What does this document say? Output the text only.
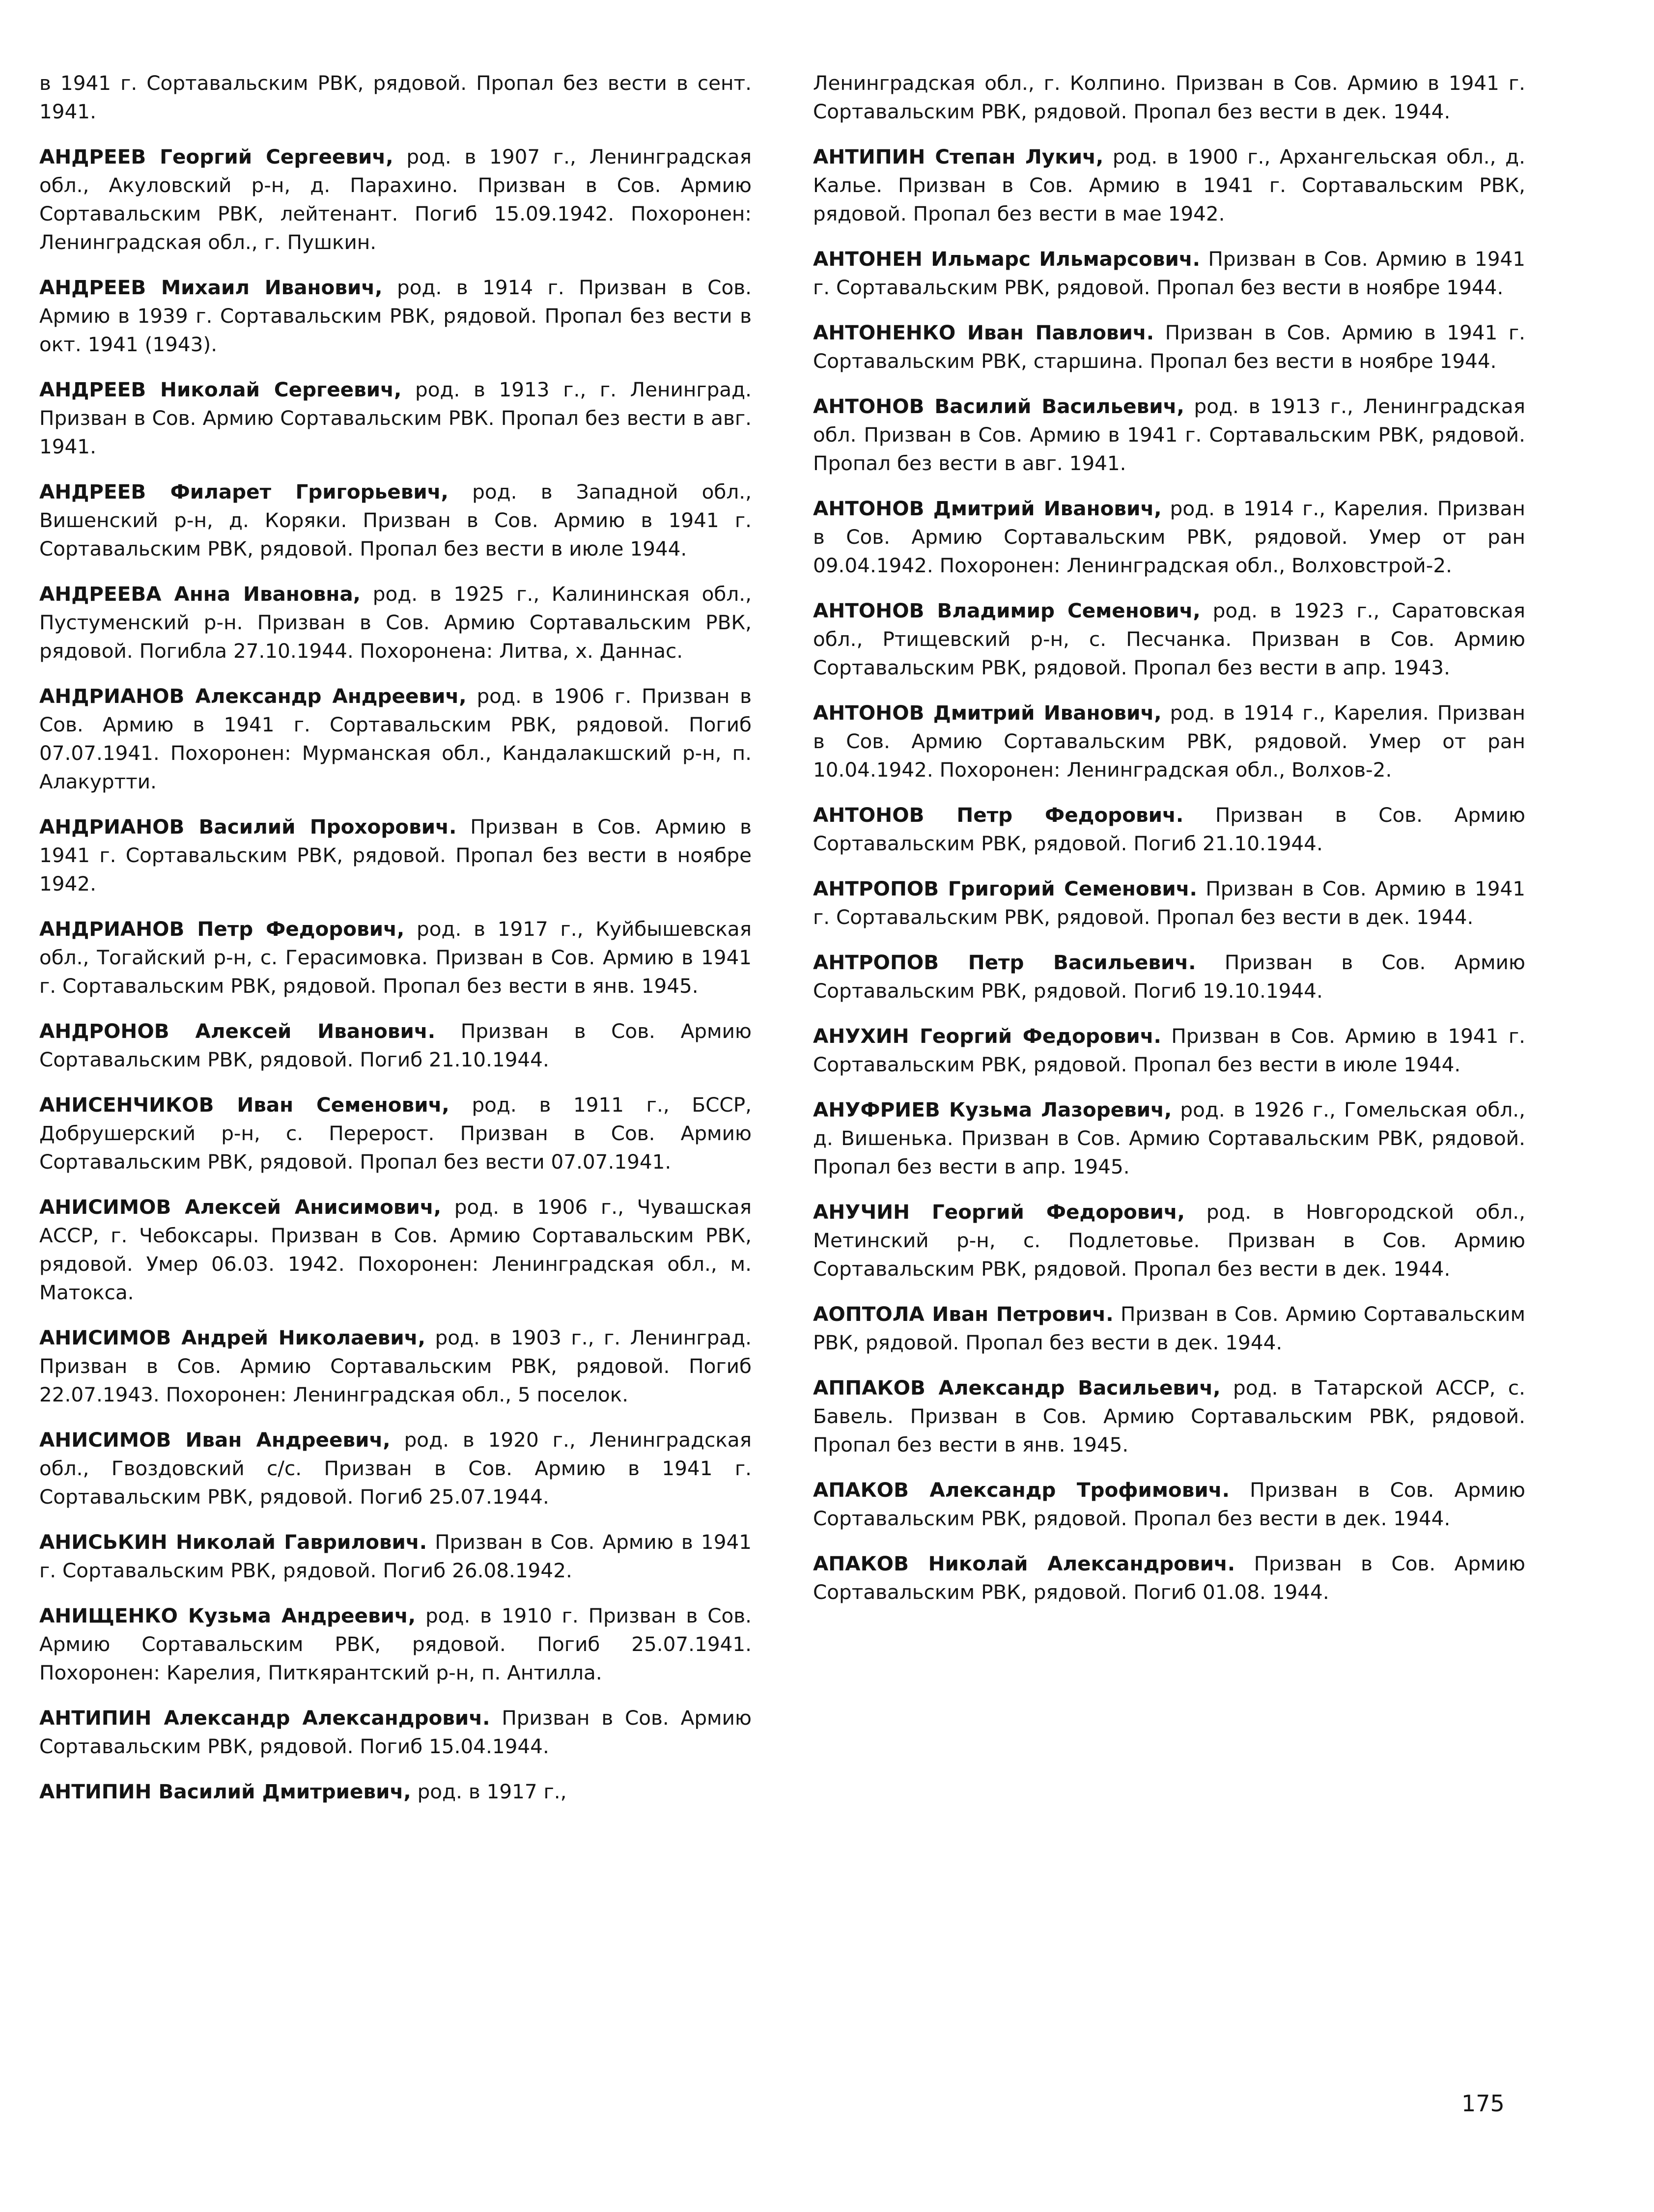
в 1941 г. Сортавальским РВК, рядовой. Пропал без вести в сент. 1941.

АНДРЕЕВ Георгий Сергеевич, род. в 1907 г., Ленинградская обл., Акуловский р-н, д. Парахино. Призван в Сов. Армию Сортавальским РВК, лейтенант. Погиб 15.09.1942. Похоронен: Ленинградская обл., г. Пушкин.

АНДРЕЕВ Михаил Иванович, род. в 1914 г. Призван в Сов. Армию в 1939 г. Сортавальским РВК, рядовой. Пропал без вести в окт. 1941 (1943).

АНДРЕЕВ Николай Сергеевич, род. в 1913 г., г. Ленинград. Призван в Сов. Армию Сортавальским РВК. Пропал без вести в авг. 1941.

АНДРЕЕВ Филарет Григорьевич, род. в Западной обл., Вишенский р-н, д. Коряки. Призван в Сов. Армию в 1941 г. Сортавальским РВК, рядовой. Пропал без вести в июле 1944.

АНДРЕЕВА Анна Ивановна, род. в 1925 г., Калининская обл., Пустуменский р-н. Призван в Сов. Армию Сортавальским РВК, рядовой. Погибла 27.10.1944. Похоронена: Литва, х. Даннас.

АНДРИАНОВ Александр Андреевич, род. в 1906 г. Призван в Сов. Армию в 1941 г. Сортавальским РВК, рядовой. Погиб 07.07.1941. Похоронен: Мурманская обл., Кандалакшский р-н, п. Алакуртти.

АНДРИАНОВ Василий Прохорович. Призван в Сов. Армию в 1941 г. Сортавальским РВК, рядовой. Пропал без вести в ноябре 1942.

АНДРИАНОВ Петр Федорович, род. в 1917 г., Куйбышевская обл., Тогайский р-н, с. Герасимовка. Призван в Сов. Армию в 1941 г. Сортавальским РВК, рядовой. Пропал без вести в янв. 1945.

АНДРОНОВ Алексей Иванович. Призван в Сов. Армию Сортавальским РВК, рядовой. Погиб 21.10.1944.

АНИСЕНЧИКОВ Иван Семенович, род. в 1911 г., БССР, Добрушерский р-н, с. Перерост. Призван в Сов. Армию Сортавальским РВК, рядовой. Пропал без вести 07.07.1941.

АНИСИМОВ Алексей Анисимович, род. в 1906 г., Чувашская АССР, г. Чебоксары. Призван в Сов. Армию Сортавальским РВК, рядовой. Умер 06.03. 1942. Похоронен: Ленинградская обл., м. Матокса.

АНИСИМОВ Андрей Николаевич, род. в 1903 г., г. Ленинград. Призван в Сов. Армию Сортавальским РВК, рядовой. Погиб 22.07.1943. Похоронен: Ленинградская обл., 5 поселок.

АНИСИМОВ Иван Андреевич, род. в 1920 г., Ленинградская обл., Гвоздовский с/с. Призван в Сов. Армию в 1941 г. Сортавальским РВК, рядовой. Погиб 25.07.1944.

АНИСЬКИН Николай Гаврилович. Призван в Сов. Армию в 1941 г. Сортавальским РВК, рядовой. Погиб 26.08.1942.

АНИЩЕНКО Кузьма Андреевич, род. в 1910 г. Призван в Сов. Армию Сортавальским РВК, рядовой. Погиб 25.07.1941. Похоронен: Карелия, Питкярантский р-н, п. Антилла.

АНТИПИН Александр Александрович. Призван в Сов. Армию Сортавальским РВК, рядовой. Погиб 15.04.1944.

АНТИПИН Василий Дмитриевич, род. в 1917 г.,

Ленинградская обл., г. Колпино. Призван в Сов. Армию в 1941 г. Сортавальским РВК, рядовой. Пропал без вести в дек. 1944.

АНТИПИН Степан Лукич, род. в 1900 г., Архангельская обл., д. Калье. Призван в Сов. Армию в 1941 г. Сортавальским РВК, рядовой. Пропал без вести в мае 1942.

АНТОНЕН Ильмарс Ильмарсович. Призван в Сов. Армию в 1941 г. Сортавальским РВК, рядовой. Пропал без вести в ноябре 1944.

АНТОНЕНКО Иван Павлович. Призван в Сов. Армию в 1941 г. Сортавальским РВК, старшина. Пропал без вести в ноябре 1944.

АНТОНОВ Василий Васильевич, род. в 1913 г., Ленинградская обл. Призван в Сов. Армию в 1941 г. Сортавальским РВК, рядовой. Пропал без вести в авг. 1941.

АНТОНОВ Дмитрий Иванович, род. в 1914 г., Карелия. Призван в Сов. Армию Сортавальским РВК, рядовой. Умер от ран 09.04.1942. Похоронен: Ленинградская обл., Волховстрой-2.

АНТОНОВ Владимир Семенович, род. в 1923 г., Саратовская обл., Ртищевский р-н, с. Песчанка. Призван в Сов. Армию Сортавальским РВК, рядовой. Пропал без вести в апр. 1943.

АНТОНОВ Дмитрий Иванович, род. в 1914 г., Карелия. Призван в Сов. Армию Сортавальским РВК, рядовой. Умер от ран 10.04.1942. Похоронен: Ленинградская обл., Волхов-2.

АНТОНОВ Петр Федорович. Призван в Сов. Армию Сортавальским РВК, рядовой. Погиб 21.10.1944.

АНТРОПОВ Григорий Семенович. Призван в Сов. Армию в 1941 г. Сортавальским РВК, рядовой. Пропал без вести в дек. 1944.

АНТРОПОВ Петр Васильевич. Призван в Сов. Армию Сортавальским РВК, рядовой. Погиб 19.10.1944.

АНУХИН Георгий Федорович. Призван в Сов. Армию в 1941 г. Сортавальским РВК, рядовой. Пропал без вести в июле 1944.

АНУФРИЕВ Кузьма Лазоревич, род. в 1926 г., Гомельская обл., д. Вишенька. Призван в Сов. Армию Сортавальским РВК, рядовой. Пропал без вести в апр. 1945.

АНУЧИН Георгий Федорович, род. в Новгородской обл., Метинский р-н, с. Подлетовье. Призван в Сов. Армию Сортавальским РВК, рядовой. Пропал без вести в дек. 1944.

АОПТОЛА Иван Петрович. Призван в Сов. Армию Сортавальским РВК, рядовой. Пропал без вести в дек. 1944.

АППАКОВ Александр Васильевич, род. в Татарской АССР, с. Бавель. Призван в Сов. Армию Сортавальским РВК, рядовой. Пропал без вести в янв. 1945.

АПАКОВ Александр Трофимович. Призван в Сов. Армию Сортавальским РВК, рядовой. Пропал без вести в дек. 1944.

АПАКОВ Николай Александрович. Призван в Сов. Армию Сортавальским РВК, рядовой. Погиб 01.08. 1944.

175
